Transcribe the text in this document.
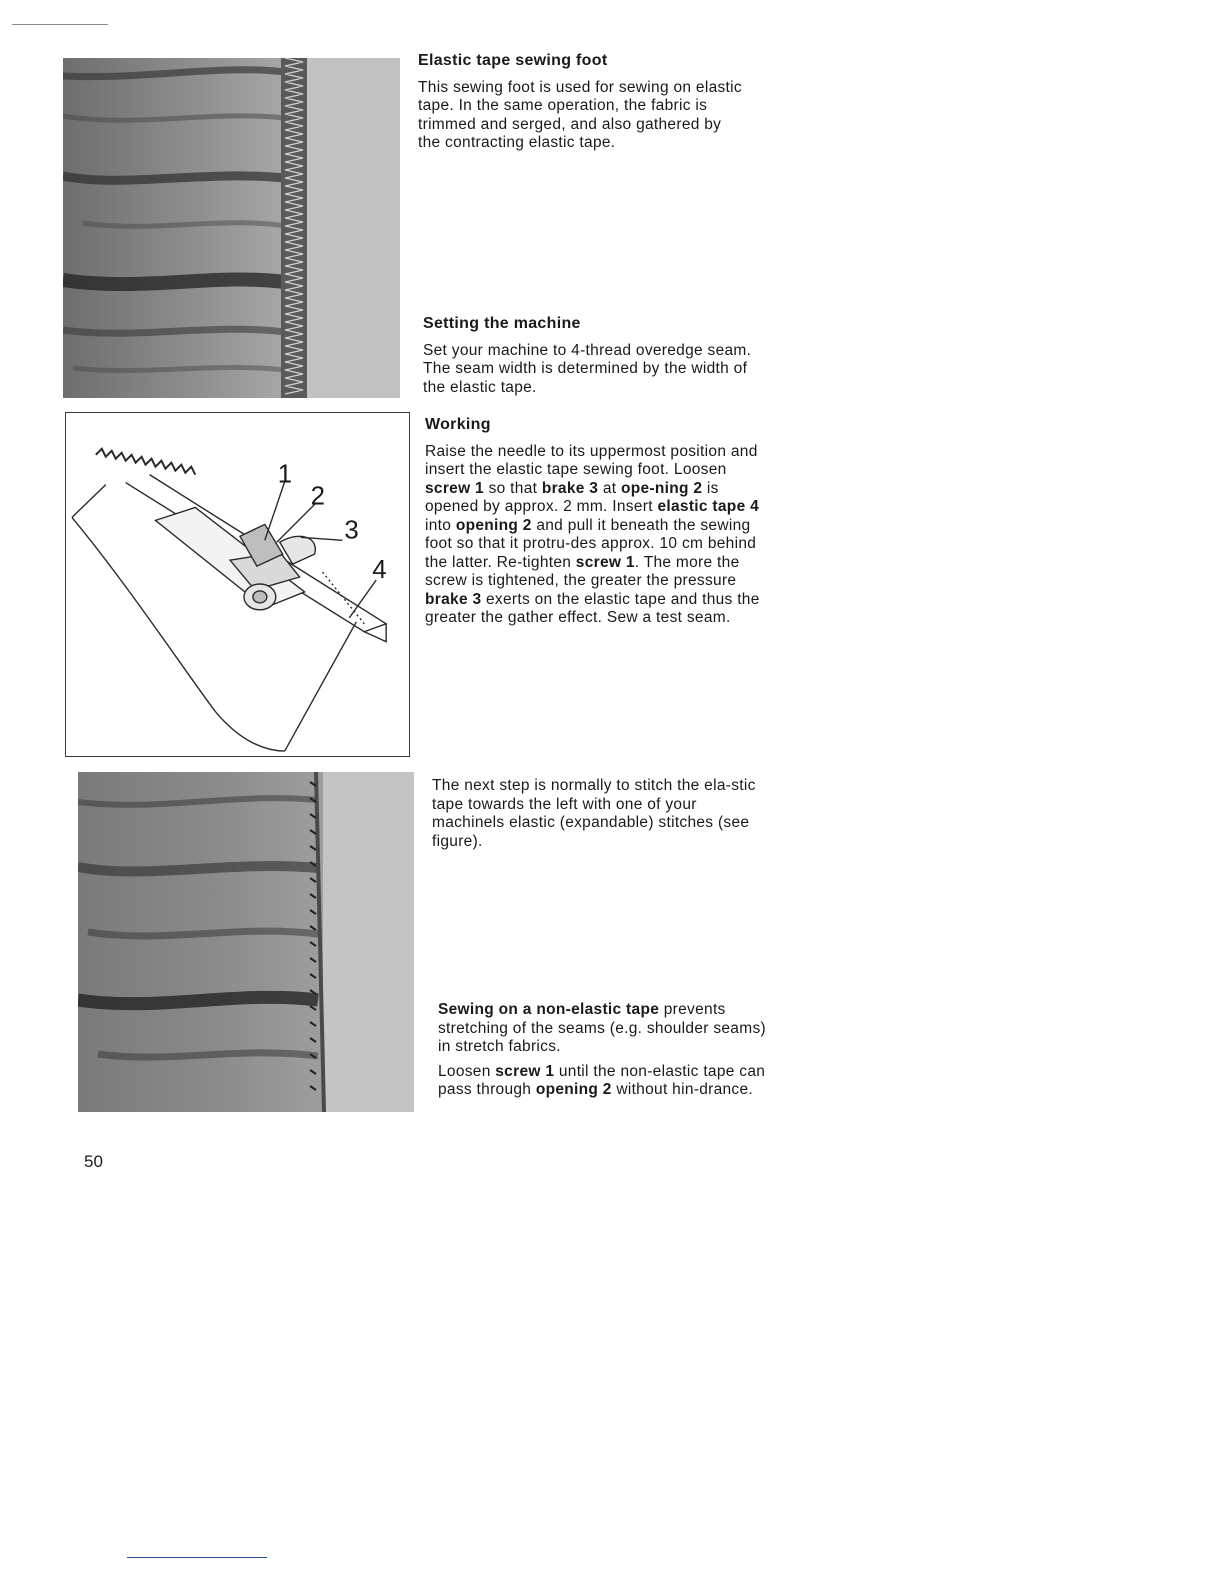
1
2
3
4
Elastic tape sewing foot

This sewing foot is used for sewing on elastic tape. In the same operation, the fabric is trimmed and serged, and also gathered by the contracting elastic tape.

Setting the machine

Set your machine to 4-thread overedge seam. The seam width is determined by the width of the elastic tape.

Working

Raise the needle to its uppermost position and insert the elastic tape sewing foot. Loosen screw 1 so that brake 3 at ope-ning 2 is opened by approx. 2 mm. Insert elastic tape 4 into opening 2 and pull it beneath the sewing foot so that it protru-des approx. 10 cm behind the latter. Re-tighten screw 1. The more the screw is tightened, the greater the pressure brake 3 exerts on the elastic tape and thus the greater the gather effect. Sew a test seam.

The next step is normally to stitch the ela-stic tape towards the left with one of your machinels elastic (expandable) stitches (see figure).

Sewing on a non-elastic tape prevents stretching of the seams (e.g. shoulder seams) in stretch fabrics.

Loosen screw 1 until the non-elastic tape can pass through opening 2 without hin-drance.

50
